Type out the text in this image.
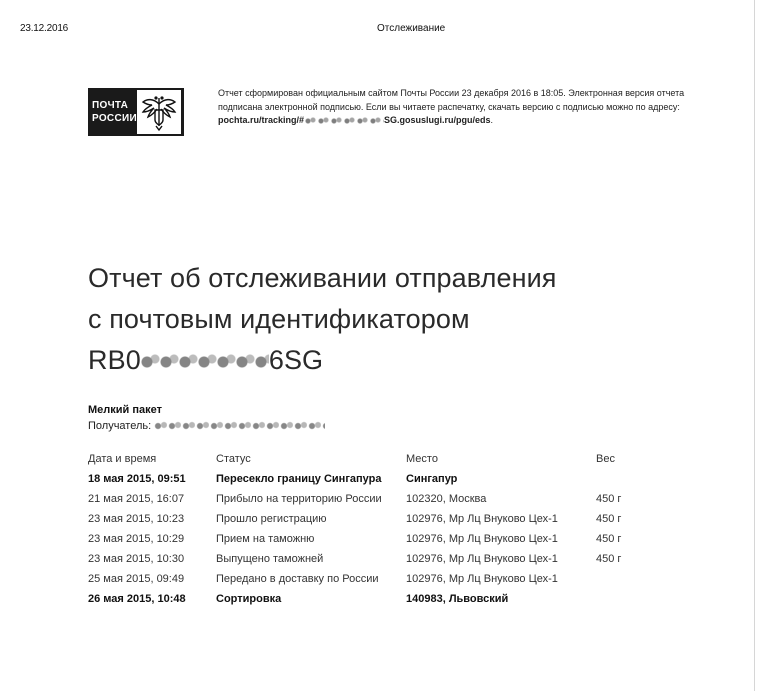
23.12.2016	Отслеживание
ПОЧТА
РОССИИ
Отчет сформирован официальным сайтом Почты России 23 декабря 2016 в 18:05. Электронная версия отчета подписана электронной подписью. Если вы читаете распечатку, скачать версию с подписью можно по адресу: pochta.ru/tracking/#	SG.gosuslugi.ru/pgu/eds.
Отчет об отслеживании отправления
с почтовым идентификатором
RB0	6SG
Мелкий пакет
Получатель:
Дата и время	Статус	Место	Вес
18 мая 2015, 09:51	Пересекло границу Сингапура	Сингапур	
21 мая 2015, 16:07	Прибыло на территорию России	102320, Москва	450 г
23 мая 2015, 10:23	Прошло регистрацию	102976, Мр Лц Внуково Цех-1	450 г
23 мая 2015, 10:29	Прием на таможню	102976, Мр Лц Внуково Цех-1	450 г
23 мая 2015, 10:30	Выпущено таможней	102976, Мр Лц Внуково Цех-1	450 г
25 мая 2015, 09:49	Передано в доставку по России	102976, Мр Лц Внуково Цех-1	
26 мая 2015, 10:48	Сортировка	140983, Львовский	
